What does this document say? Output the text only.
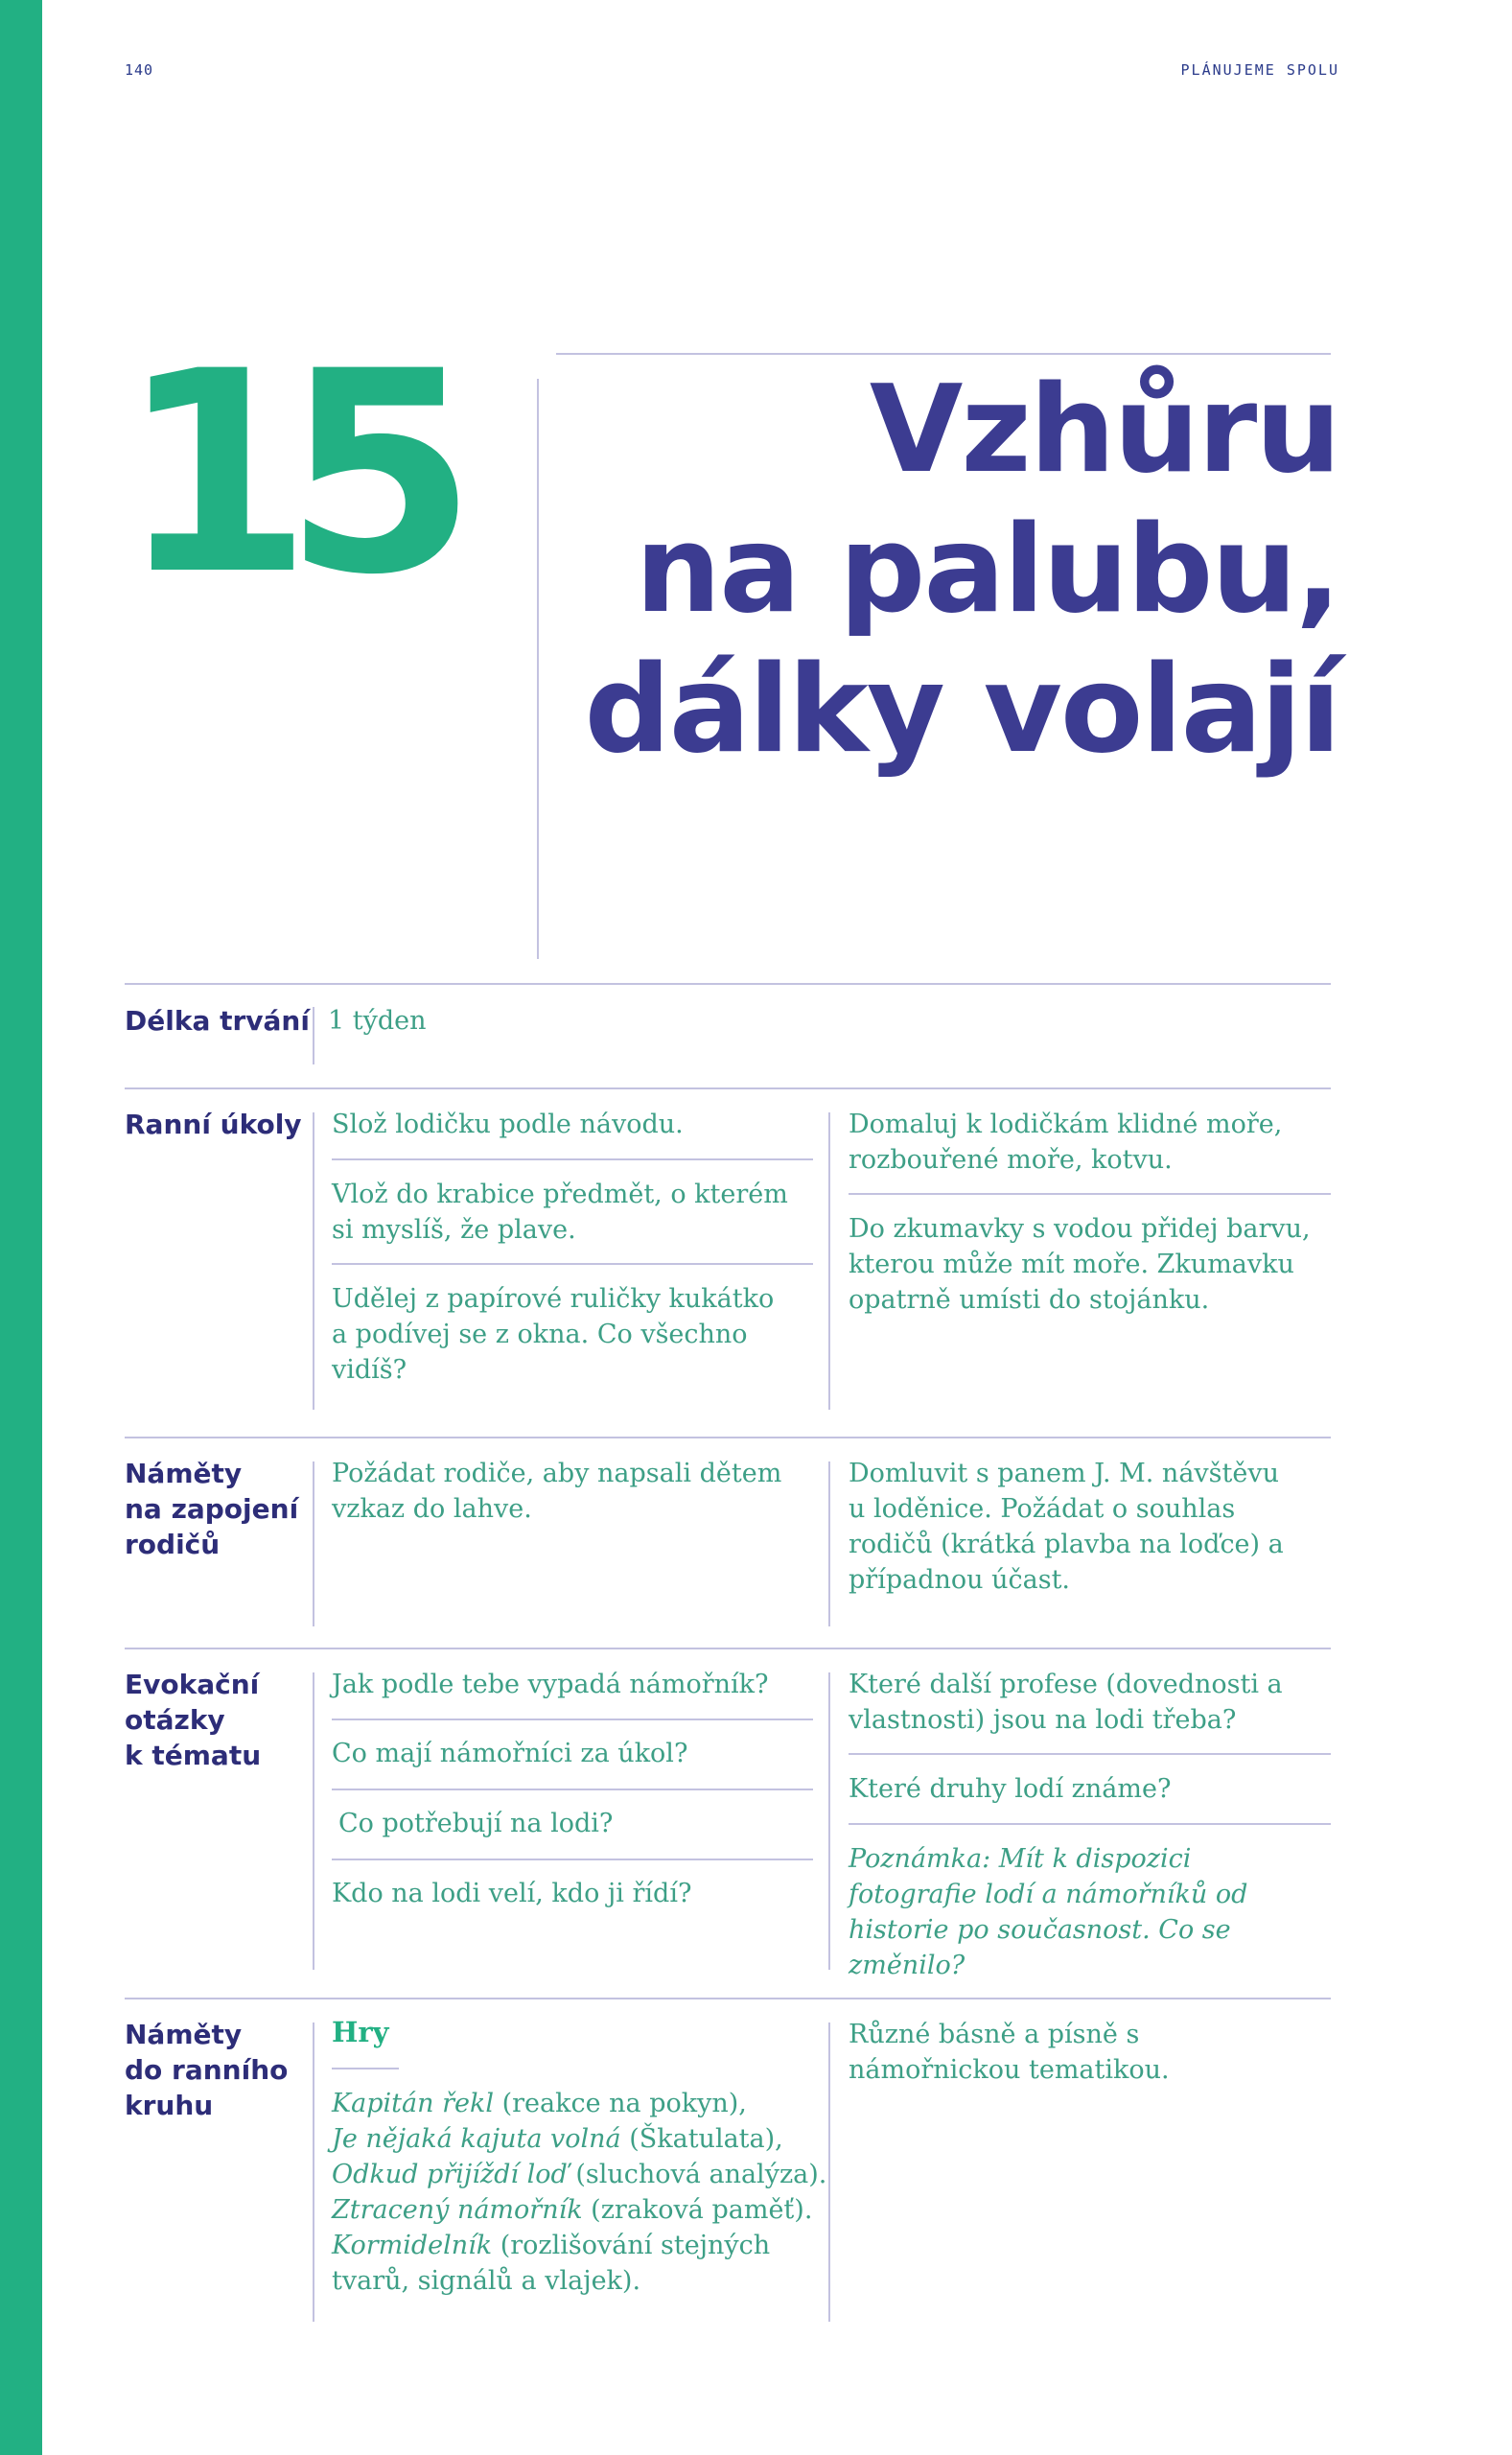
140	PLÁNUJEME SPOLU
15	Vzhůru
na palubu,
dálky volají
Délka trvání 1 týden
Ranní úkoly Slož lodičku podle návodu.
Vlož do krabice předmět, o kterém si myslíš, že plave.
Udělej z papírové ruličky kukátko a podívej se z okna. Co všechno vidíš?
Domaluj k lodičkám klidné moře, rozbouřené moře, kotvu.
Do zkumavky s vodou přidej barvu, kterou může mít moře. Zkumavku opatrně umísti do stojánku.
Náměty
na zapojení
rodičů
Požádat rodiče, aby napsali dětem vzkaz do lahve.
Domluvit s panem J. M. návštěvu u loděnice. Požádat o souhlas rodičů (krátká plavba na loďce) a případnou účast.
Evokační
otázky
k tématu
Jak podle tebe vypadá námořník?
Co mají námořníci za úkol?
Co potřebují na lodi?
Kdo na lodi velí, kdo ji řídí?
Které další profese (dovednosti a vlastnosti) jsou na lodi třeba?
Které druhy lodí známe?
Poznámka: Mít k dispozici fotografie lodí a námořníků od historie po současnost. Co se změnilo?
Náměty
do ranního
kruhu
Hry
Kapitán řekl (reakce na pokyn),
Je nějaká kajuta volná (Škatulata),
Odkud přijíždí loď (sluchová analýza).
Ztracený námořník (zraková paměť).
Kormidelník (rozlišování stejných tvarů, signálů a vlajek).
Různé básně a písně s námořnickou tematikou.
